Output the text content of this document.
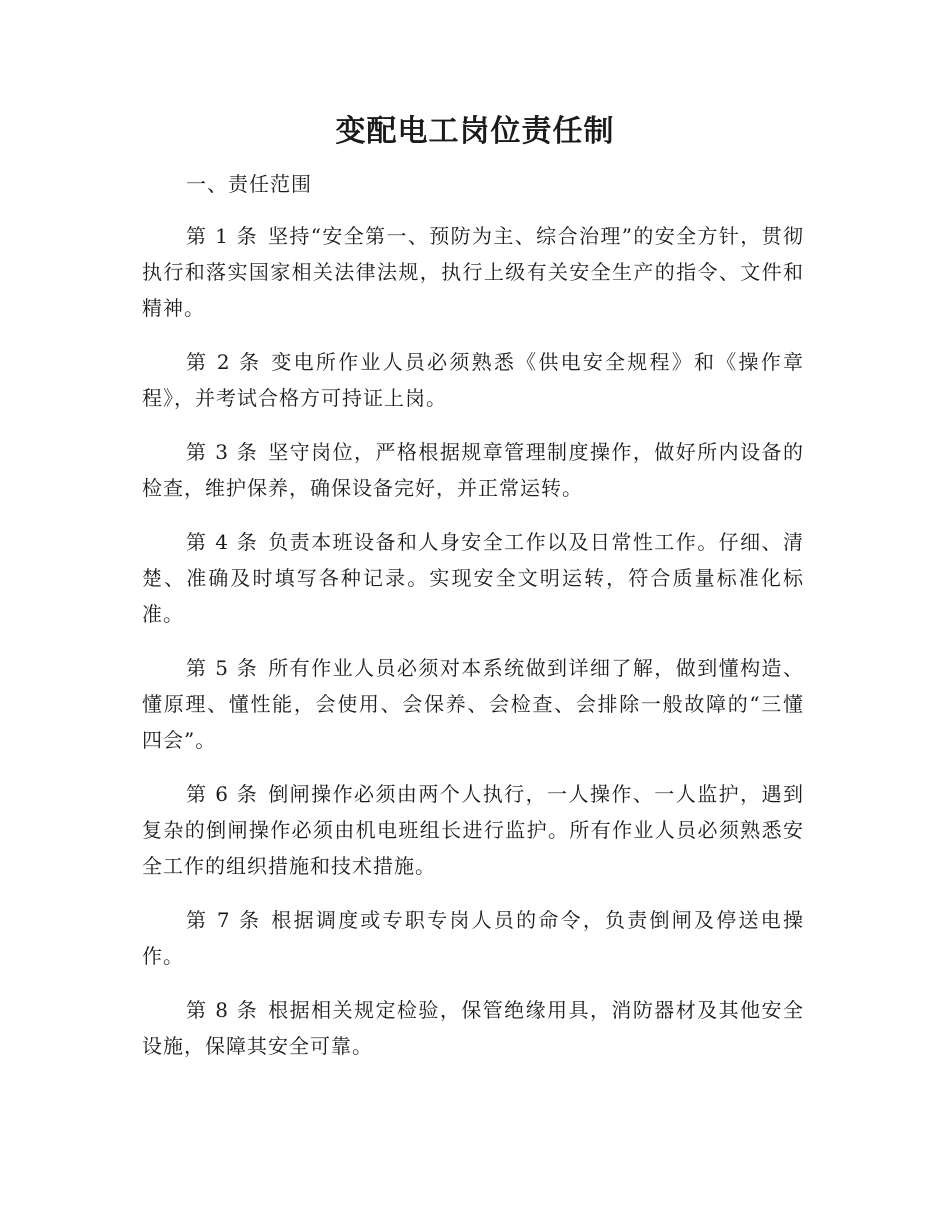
变配电工岗位责任制

一、责任范围

第 1 条 坚持“安全第一、预防为主、综合治理”的安全方针，贯彻执行和落实国家相关法律法规，执行上级有关安全生产的指令、文件和精神。

第 2 条 变电所作业人员必须熟悉《供电安全规程》和《操作章程》，并考试合格方可持证上岗。

第 3 条 坚守岗位，严格根据规章管理制度操作，做好所内设备的检查，维护保养，确保设备完好，并正常运转。

第 4 条 负责本班设备和人身安全工作以及日常性工作。仔细、清楚、准确及时填写各种记录。实现安全文明运转，符合质量标准化标准。

第 5 条 所有作业人员必须对本系统做到详细了解，做到懂构造、懂原理、懂性能，会使用、会保养、会检查、会排除一般故障的“三懂四会”。

第 6 条 倒闸操作必须由两个人执行，一人操作、一人监护，遇到复杂的倒闸操作必须由机电班组长进行监护。所有作业人员必须熟悉安全工作的组织措施和技术措施。

第 7 条 根据调度或专职专岗人员的命令，负责倒闸及停送电操作。

第 8 条 根据相关规定检验，保管绝缘用具，消防器材及其他安全设施，保障其安全可靠。
